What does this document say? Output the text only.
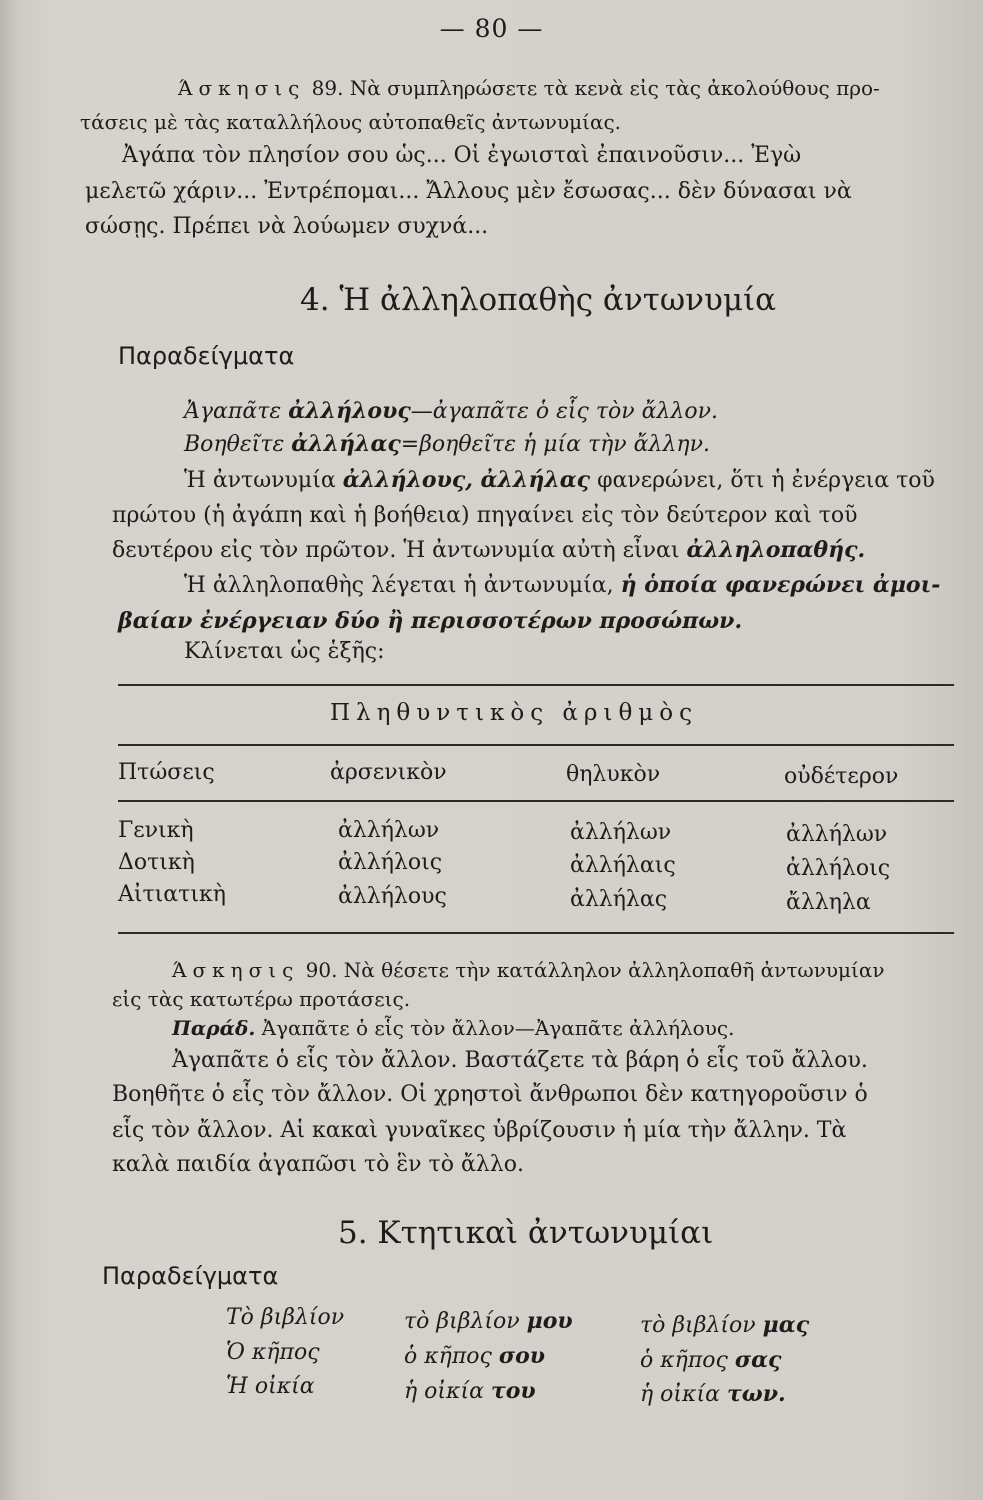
— 80 —
Άσκησις 89. Νὰ συμπληρώσετε τὰ κενὰ εἰς τὰς ἀκολούθους προ-
τάσεις μὲ τὰς καταλλήλους αὐτοπαθεῖς ἀντωνυμίας.
Ἀγάπα τὸν πλησίον σου ὡς... Οἱ ἐγωισταὶ ἐπαινοῦσιν... Ἐγὼ
μελετῶ χάριν... Ἐντρέπομαι... Ἄλλους μὲν ἔσωσας... δὲν δύνασαι νὰ
σώσῃς. Πρέπει νὰ λούωμεν συχνά...
4. Ἡ ἀλληλοπαθὴς ἀντωνυμία
Παραδείγματα
Ἀγαπᾶτε ἀλλήλους—ἀγαπᾶτε ὁ εἷς τὸν ἄλλον.
Βοηθεῖτε ἀλλήλας=βοηθεῖτε ἡ μία τὴν ἄλλην.
Ἡ ἀντωνυμία ἀλλήλους, ἀλλήλας φανερώνει, ὅτι ἡ ἐνέργεια τοῦ
πρώτου (ἡ ἀγάπη καὶ ἡ βοήθεια) πηγαίνει εἰς τὸν δεύτερον καὶ τοῦ
δευτέρου εἰς τὸν πρῶτον. Ἡ ἀντωνυμία αὐτὴ εἶναι ἀλληλοπαθής.
Ἡ ἀλληλοπαθὴς λέγεται ἡ ἀντωνυμία, ἡ ὁποία φανερώνει ἀμοι-
βαίαν ἐνέργειαν δύο ἢ περισσοτέρων προσώπων.
Κλίνεται ὡς ἑξῆς:
Πληθυντικὸς ἀριθμὸς
Πτώσεις	ἀρσενικὸν	θηλυκὸν	οὐδέτερον
Γενικὴ	ἀλλήλων	ἀλλήλων	ἀλλήλων
Δοτικὴ	ἀλλήλοις	ἀλλήλαις	ἀλλήλοις
Αἰτιατικὴ	ἀλλήλους	ἀλλήλας	ἄλληλα
Άσκησις 90. Νὰ θέσετε τὴν κατάλληλον ἀλληλοπαθῆ ἀντωνυμίαν
εἰς τὰς κατωτέρω προτάσεις.
Παράδ. Ἀγαπᾶτε ὁ εἷς τὸν ἄλλον—Ἀγαπᾶτε ἀλλήλους.
Ἀγαπᾶτε ὁ εἷς τὸν ἄλλον. Βαστάζετε τὰ βάρη ὁ εἷς τοῦ ἄλλου.
Βοηθῆτε ὁ εἷς τὸν ἄλλον. Οἱ χρηστοὶ ἄνθρωποι δὲν κατηγοροῦσιν ὁ
εἷς τὸν ἄλλον. Αἱ κακαὶ γυναῖκες ὑβρίζουσιν ἡ μία τὴν ἄλλην. Τὰ
καλὰ παιδία ἀγαπῶσι τὸ ἓν τὸ ἄλλο.
5. Κτητικαὶ ἀντωνυμίαι
Παραδείγματα
Τὸ βιβλίον	τὸ βιβλίον μου	τὸ βιβλίον μας
Ὁ κῆπος	ὁ κῆπος σου	ὁ κῆπος σας
Ἡ οἰκία	ἡ οἰκία του	ἡ οἰκία των.
